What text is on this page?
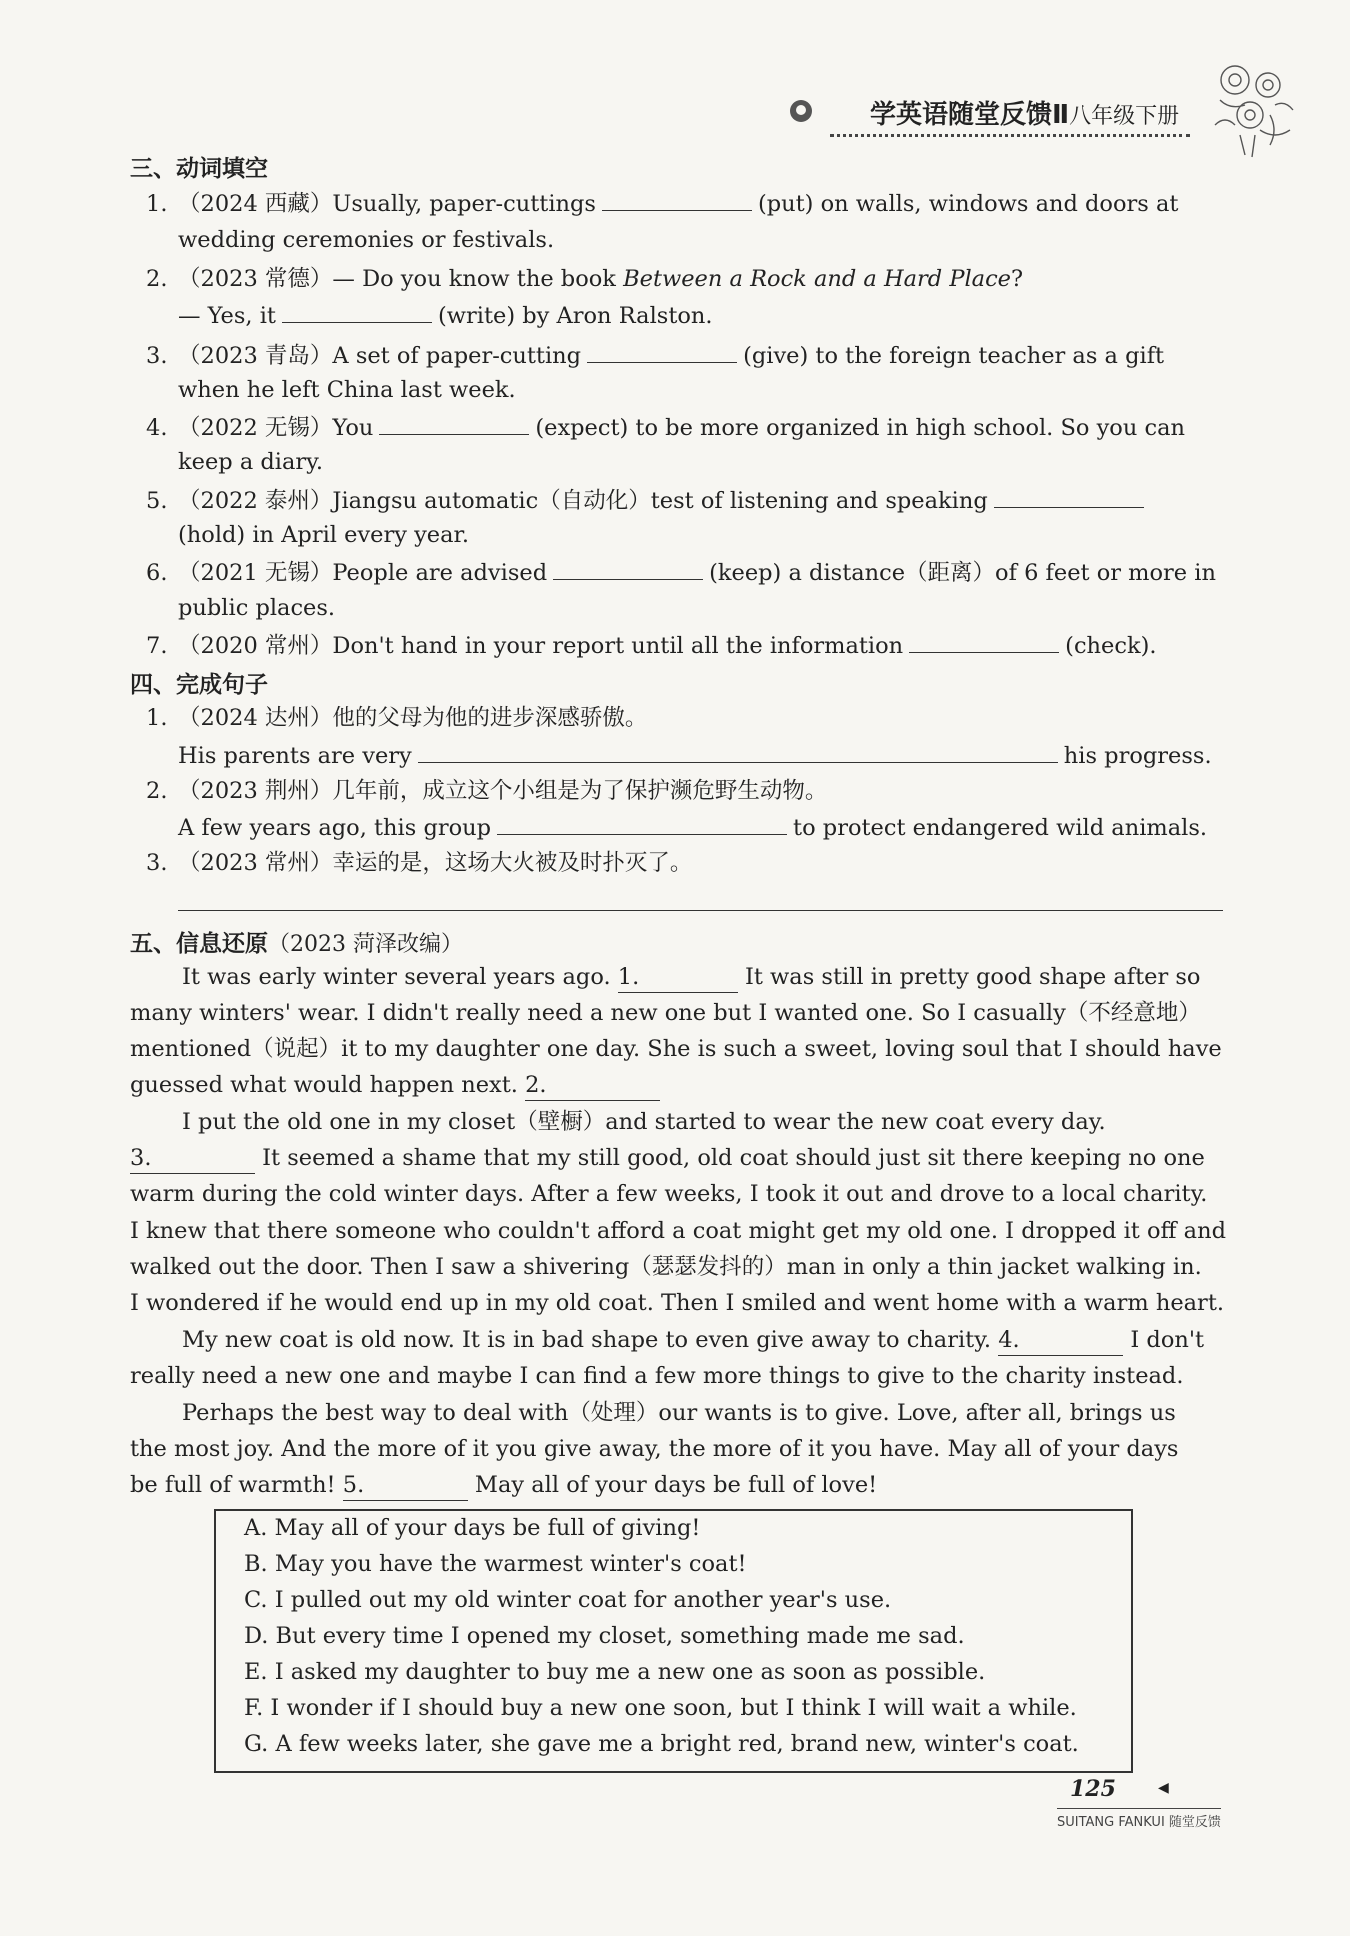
学英语随堂反馈Ⅱ八年级下册
三、动词填空
1. （2024 西藏）Usually, paper-cuttings	(put) on walls, windows and doors at
wedding ceremonies or festivals.
2. （2023 常德）— Do you know the book Between a Rock and a Hard Place?
— Yes, it	(write) by Aron Ralston.
3. （2023 青岛）A set of paper-cutting	(give) to the foreign teacher as a gift
when he left China last week.
4. （2022 无锡）You	(expect) to be more organized in high school. So you can
keep a diary.
5. （2022 泰州）Jiangsu automatic（自动化）test of listening and speaking
(hold) in April every year.
6. （2021 无锡）People are advised	(keep) a distance（距离）of 6 feet or more in
public places.
7. （2020 常州）Don't hand in your report until all the information	(check).
四、完成句子
1. （2024 达州）他的父母为他的进步深感骄傲。
His parents are very	his progress.
2. （2023 荆州）几年前，成立这个小组是为了保护濒危野生动物。
A few years ago, this group	to protect endangered wild animals.
3. （2023 常州）幸运的是，这场大火被及时扑灭了。
五、信息还原（2023 菏泽改编）
It was early winter several years ago. 1.	It was still in pretty good shape after so
many winters' wear. I didn't really need a new one but I wanted one. So I casually（不经意地）
mentioned（说起）it to my daughter one day. She is such a sweet, loving soul that I should have
guessed what would happen next. 2.
I put the old one in my closet（壁橱）and started to wear the new coat every day.
3.	It seemed a shame that my still good, old coat should just sit there keeping no one
warm during the cold winter days. After a few weeks, I took it out and drove to a local charity.
I knew that there someone who couldn't afford a coat might get my old one. I dropped it off and
walked out the door. Then I saw a shivering（瑟瑟发抖的）man in only a thin jacket walking in.
I wondered if he would end up in my old coat. Then I smiled and went home with a warm heart.
My new coat is old now. It is in bad shape to even give away to charity. 4.	I don't
really need a new one and maybe I can find a few more things to give to the charity instead.
Perhaps the best way to deal with（处理）our wants is to give. Love, after all, brings us
the most joy. And the more of it you give away, the more of it you have. May all of your days
be full of warmth! 5.	May all of your days be full of love!
A. May all of your days be full of giving!
B. May you have the warmest winter's coat!
C. I pulled out my old winter coat for another year's use.
D. But every time I opened my closet, something made me sad.
E. I asked my daughter to buy me a new one as soon as possible.
F. I wonder if I should buy a new one soon, but I think I will wait a while.
G. A few weeks later, she gave me a bright red, brand new, winter's coat.
125	◀
SUITANG FANKUI 随堂反馈
